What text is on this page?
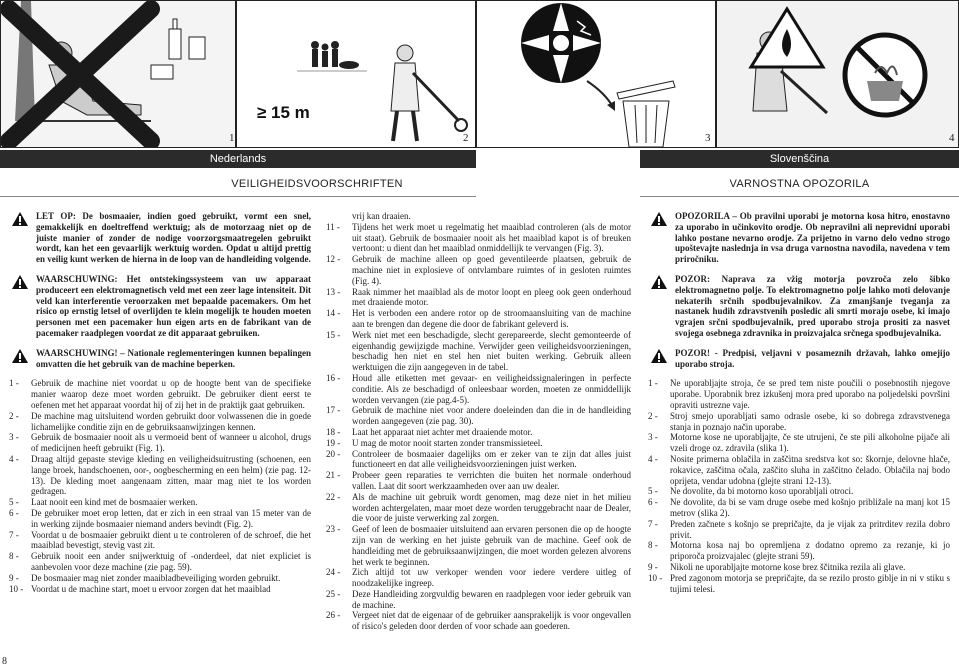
1
≥ 15 m
2	3	4
Nederlands	Slovenščina
VEILIGHEIDSVOORSCHRIFTEN	VARNOSTNA OPOZORILA
LET OP: De bosmaaier, indien goed gebruikt, vormt een snel, gemakkelijk en doeltreffend werktuig; als de motorzaag niet op de juiste manier of zonder de nodige voorzorgsmaatregelen gebruikt wordt, kan het een gevaarlijk werktuig worden. Opdat u altijd prettig en veilig kunt werken de hierna in de loop van de handleiding volgende.
WAARSCHUWING: Het ontstekingssysteem van uw apparaat produceert een elektromagnetisch veld met een zeer lage intensiteit. Dit veld kan interferentie veroorzaken met bepaalde pacemakers. Om het risico op ernstig letsel of overlijden te klein mogelijk te houden moeten personen met een pacemaker hun eigen arts en de fabrikant van de pacemaker raadplegen voordat ze dit apparaat gebruiken.
WAARSCHUWING! – Nationale reglementeringen kunnen bepalingen omvatten die het gebruik van de machine beperken.
1 -	Gebruik de machine niet voordat u op de hoogte bent van de specifieke manier waarop deze moet worden gebruikt. De gebruiker dient eerst te oefenen met het apparaat voordat hij of zij het in de praktijk gaat gebruiken.
2 -	De machine mag uitsluitend worden gebruikt door volwassenen die in goede lichamelijke conditie zijn en de gebruiksaanwijzingen kennen.
3 -	Gebruik de bosmaaier nooit als u vermoeid bent of wanneer u alcohol, drugs of medicijnen heeft gebruikt (Fig. 1).
4 -	Draag altijd gepaste stevige kleding en veiligheidsuitrusting (schoenen, een lange broek, handschoenen, oor-, oogbescherming en een helm) (zie pag. 12-13). De kleding moet aangenaam zitten, maar mag niet te los worden gedragen.
5 -	Laat nooit een kind met de bosmaaier werken.
6 -	De gebruiker moet erop letten, dat er zich in een straal van 15 meter van de in werking zijnde bosmaaier niemand anders bevindt (Fig. 2).
7 -	Voordat u de bosmaaier gebruikt dient u te controleren of de schroef, die het maaiblad bevestigt, stevig vast zit.
8 -	Gebruik nooit een ander snijwerktuig of -onderdeel, dat niet expliciet is aanbevolen voor deze machine (zie pag. 59).
9 -	De bosmaaier mag niet zonder maaibladbeveiliging worden gebruikt.
10 - Voordat u de machine start, moet u ervoor zorgen dat het maaiblad
vrij kan draaien.
11 -	Tijdens het werk moet u regelmatig het maaiblad controleren (als de motor uit staat). Gebruik de bosmaaier nooit als het maaiblad kapot is of breuken vertoont: u dient dan het maaiblad onmiddellijk te vervangen (Fig. 3).
12 -	Gebruik de machine alleen op goed geventileerde plaatsen, gebruik de machine niet in explosieve of ontvlambare ruimtes of in gesloten ruimtes (Fig. 4).
13 -	Raak nimmer het maaiblad als de motor loopt en pleeg ook geen onderhoud met draaiende motor.
14 -	Het is verboden een andere rotor op de stroomaansluiting van de machine aan te brengen dan degene die door de fabrikant geleverd is.
15 -	Werk niet met een beschadigde, slecht gerepareerde, slecht gemonteerde of eigenhandig gewijzigde machine. Verwijder geen veiligheidsvoorzieningen, beschadig hen niet en stel hen niet buiten werking. Gebruik alleen werktuigen die zijn aangegeven in de tabel.
16 -	Houd alle etiketten met gevaar- en veiligheidssignaleringen in perfecte conditie. Als ze beschadigd of onleesbaar worden, moeten ze onmiddellijk worden vervangen (zie pag.4-5).
17 -	Gebruik de machine niet voor andere doeleinden dan die in de handleiding worden aangegeven (zie pag. 30).
18 -	Laat het apparaat niet achter met draaiende motor.
19 -	U mag de motor nooit starten zonder transmissieteel.
20 -	Controleer de bosmaaier dagelijks om er zeker van te zijn dat alles juist functioneert en dat alle veiligheidsvoorzieningen juist werken.
21 -	Probeer geen reparaties te verrichten die buiten het normale onderhoud vallen. Laat dit soort werkzaamheden over aan uw dealer.
22 -	Als de machine uit gebruik wordt genomen, mag deze niet in het milieu worden achtergelaten, maar moet deze worden teruggebracht naar de Dealer, die voor de juiste verwerking zal zorgen.
23 -	Geef of leen de bosmaaier uitsluitend aan ervaren personen die op de hoogte zijn van de werking en het juiste gebruik van de machine. Geef ook de handleiding met de gebruiksaanwijzingen, die moet worden gelezen alvorens het werk te beginnen.
24 -	Zich altijd tot uw verkoper wenden voor iedere verdere uitleg of noodzakelijke ingreep.
25 -	Deze Handleiding zorgvuldig bewaren en raadplegen voor ieder gebruik van de machine.
26 -	Vergeet niet dat de eigenaar of de gebruiker aansprakelijk is voor ongevallen of risico's geleden door derden of voor schade aan goederen.
OPOZORILA – Ob pravilni uporabi je motorna kosa hitro, enostavno za uporabo in učinkovito orodje. Ob nepravilni ali neprevidni uporabi lahko postane nevarno orodje. Za prijetno in varno delo vedno strogo upoštevajte naslednja in vsa druga varnostna navodila, navedena v tem priročniku.
POZOR: Naprava za vžig motorja povzroča zelo šibko elektromagnetno polje. To elektromagnetno polje lahko moti delovanje nekaterih srčnih spodbujevalnikov. Za zmanjšanje tveganja za nastanek hudih zdravstvenih posledic ali smrti morajo osebe, ki imajo vgrajen srčni spodbujevalnik, pred uporabo stroja prositi za nasvet svojega osebnega zdravnika in proizvajalca srčnega spodbujevalnika.
POZOR! - Predpisi, veljavni v posameznih državah, lahko omejijo uporabo stroja.
1 -	Ne uporabljajte stroja, če se pred tem niste poučili o posebnostih njegove uporabe. Uporabnik brez izkušenj mora pred uporabo na poljedelski površini opraviti ustrezne vaje.
2 -	Stroj smejo uporabljati samo odrasle osebe, ki so dobrega zdravstvenega stanja in poznajo način uporabe.
3 -	Motorne kose ne uporabljajte, če ste utrujeni, če ste pili alkoholne pijače ali vzeli droge oz. zdravila (slika 1).
4 -	Nosite primerna oblačila in zaščitna sredstva kot so: škornje, delovne hlače, rokavice, zaščitna očala, zaščito sluha in zaščitno čelado. Oblačila naj bodo oprijeta, vendar udobna (glejte strani 12-13).
5 -	Ne dovolite, da bi motorno koso uporabljali otroci.
6 -	Ne dovolite, da bi se vam druge osebe med košnjo približale na manj kot 15 metrov (slika 2).
7 -	Preden začnete s košnjo se prepričajte, da je vijak za pritrditev rezila dobro privit.
8 -	Motorna kosa naj bo opremljena z dodatno opremo za rezanje, ki jo priporoča proizvajalec (glejte strani 59).
9 -	Nikoli ne uporabljajte motorne kose brez ščitnika rezila ali glave.
10 - Pred zagonom motorja se prepričajte, da se rezilo prosto giblje in ni v stiku s tujimi telesi.
8
